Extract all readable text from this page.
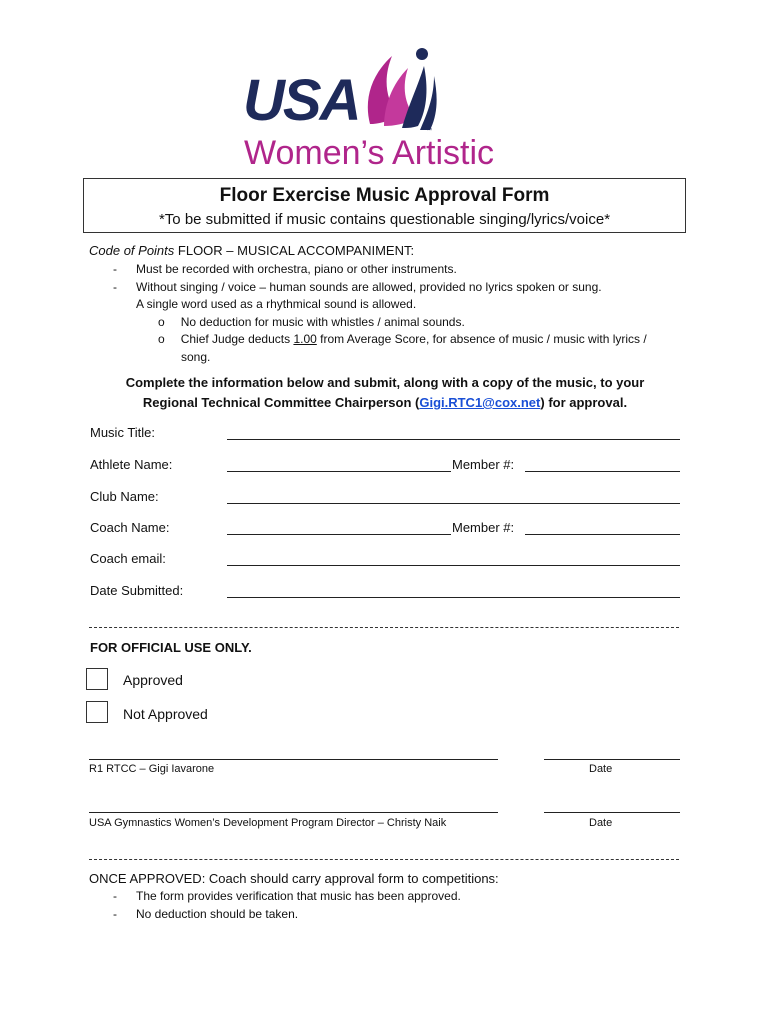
USA	™
Women’s Artistic
Floor Exercise Music Approval Form
*To be submitted if music contains questionable singing/lyrics/voice*
Code of Points FLOOR – MUSICAL ACCOMPANIMENT:
- Must be recorded with orchestra, piano or other instruments.
- Without singing / voice – human sounds are allowed, provided no lyrics spoken or sung.
A single word used as a rhythmical sound is allowed.
o No deduction for music with whistles / animal sounds.
o Chief Judge deducts 1.00 from Average Score, for absence of music / music with lyrics /
song.
Complete the information below and submit, along with a copy of the music, to your
Regional Technical Committee Chairperson (Gigi.RTC1@cox.net) for approval.
Music Title:
Athlete Name:	Member #:
Club Name:
Coach Name:	Member #:
Coach email:
Date Submitted:
FOR OFFICIAL USE ONLY.
Approved
Not Approved
R1 RTCC – Gigi Iavarone	Date
USA Gymnastics Women’s Development Program Director – Christy Naik	Date
ONCE APPROVED: Coach should carry approval form to competitions:
- The form provides verification that music has been approved.
- No deduction should be taken.
